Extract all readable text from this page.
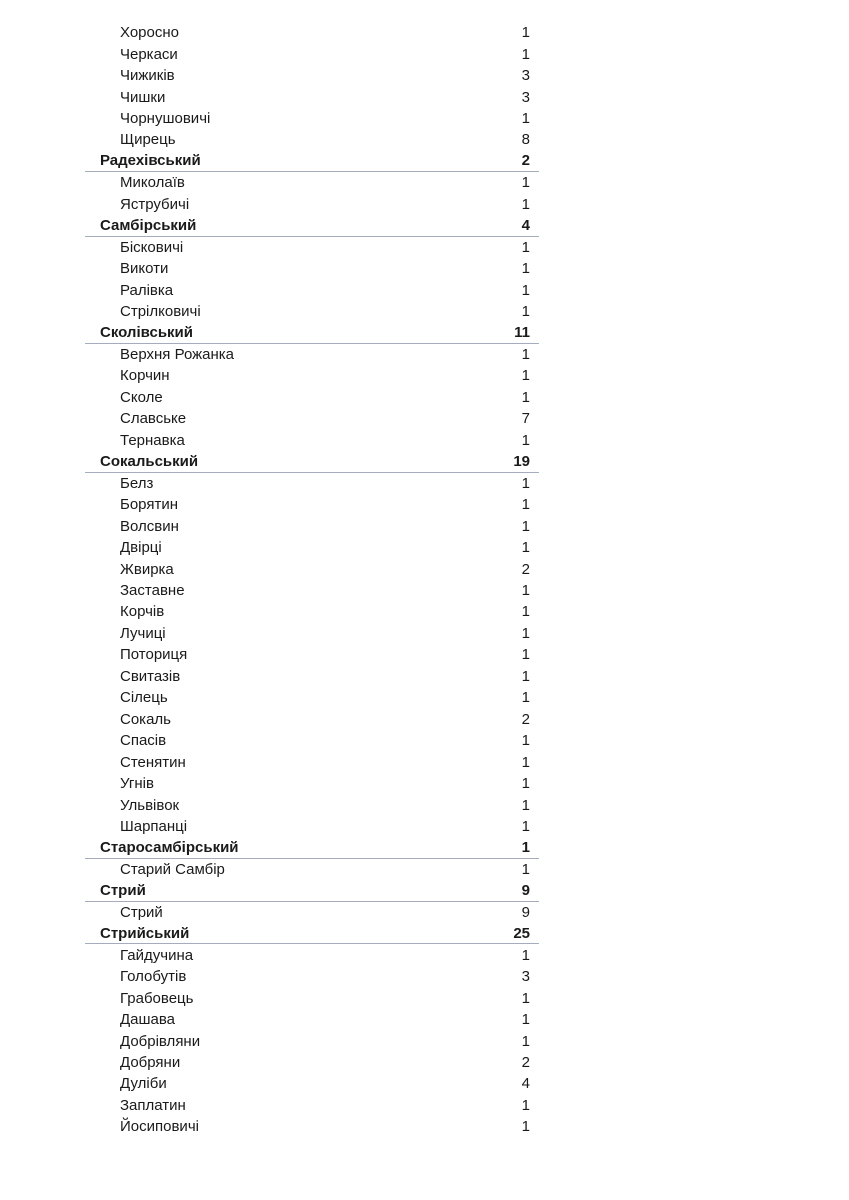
Хоросно	1
Черкаси	1
Чижиків	3
Чишки	3
Чорнушовичі	1
Щирець	8
Радехівський	2
Миколаїв	1
Яструбичі	1
Самбірський	4
Біcковичі	1
Викоти	1
Ралівка	1
Стрілковичі	1
Сколівський	11
Верхня Рожанка	1
Корчин	1
Сколе	1
Славське	7
Тернавка	1
Сокальський	19
Белз	1
Борятин	1
Волсвин	1
Двірці	1
Жвирка	2
Заставне	1
Корчів	1
Лучиці	1
Поториця	1
Свитазів	1
Сілець	1
Сокаль	2
Спасів	1
Стенятин	1
Угнів	1
Ульвівок	1
Шарпанці	1
Старосамбірський	1
Старий Самбір	1
Стрий	9
Стрий	9
Стрийський	25
Гайдучина	1
Голобутів	3
Грабовець	1
Дашава	1
Добрівляни	1
Добряни	2
Дуліби	4
Заплатин	1
Йосиповичі	1
